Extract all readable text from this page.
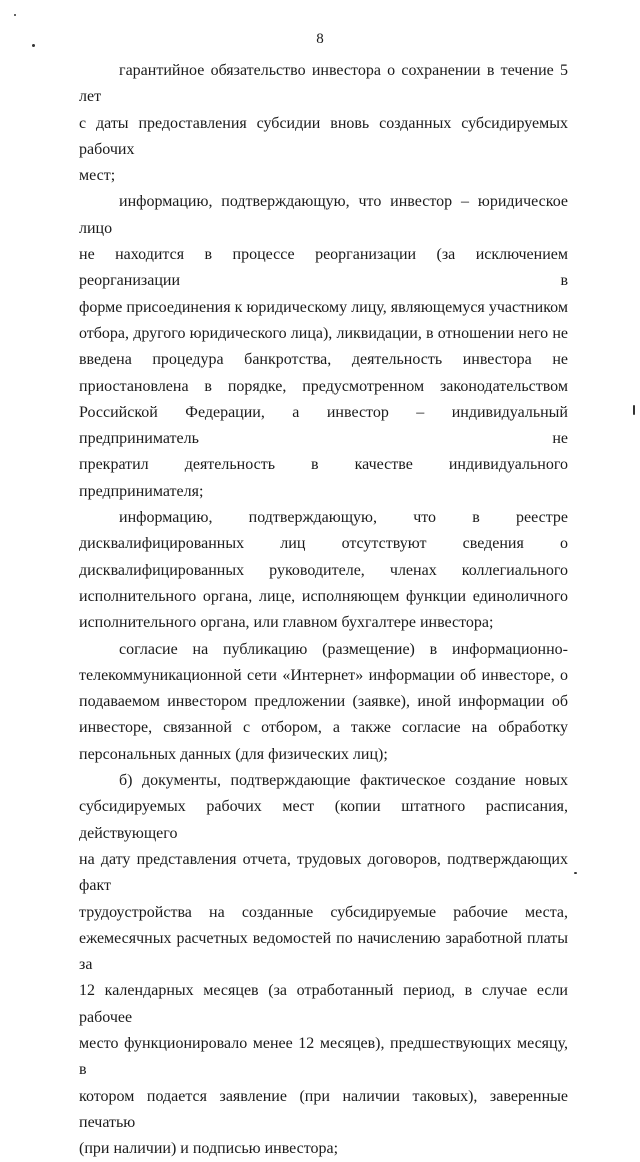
8

гарантийное обязательство инвестора о сохранении в течение 5 лет
с даты предоставления субсидии вновь созданных субсидируемых рабочих
мест;

информацию, подтверждающую, что инвестор – юридическое лицо
не находится в процессе реорганизации (за исключением реорганизации в
форме присоединения к юридическому лицу, являющемуся участником
отбора, другого юридического лица), ликвидации, в отношении него не
введена процедура банкротства, деятельность инвестора не
приостановлена в порядке, предусмотренном законодательством
Российской Федерации, а инвестор – индивидуальный предприниматель не
прекратил деятельность в качестве индивидуального предпринимателя;

информацию, подтверждающую, что в реестре
дисквалифицированных лиц отсутствуют сведения о
дисквалифицированных руководителе, членах коллегиального
исполнительного органа, лице, исполняющем функции единоличного
исполнительного органа, или главном бухгалтере инвестора;

согласие на публикацию (размещение) в информационно-
телекоммуникационной сети «Интернет» информации об инвесторе, о
подаваемом инвестором предложении (заявке), иной информации об
инвесторе, связанной с отбором, а также согласие на обработку
персональных данных (для физических лиц);

б) документы, подтверждающие фактическое создание новых
субсидируемых рабочих мест (копии штатного расписания, действующего
на дату представления отчета, трудовых договоров, подтверждающих факт
трудоустройства на созданные субсидируемые рабочие места,
ежемесячных расчетных ведомостей по начислению заработной платы за
12 календарных месяцев (за отработанный период, в случае если рабочее
место функционировало менее 12 месяцев), предшествующих месяцу, в
котором подается заявление (при наличии таковых), заверенные печатью
(при наличии) и подписью инвестора;
